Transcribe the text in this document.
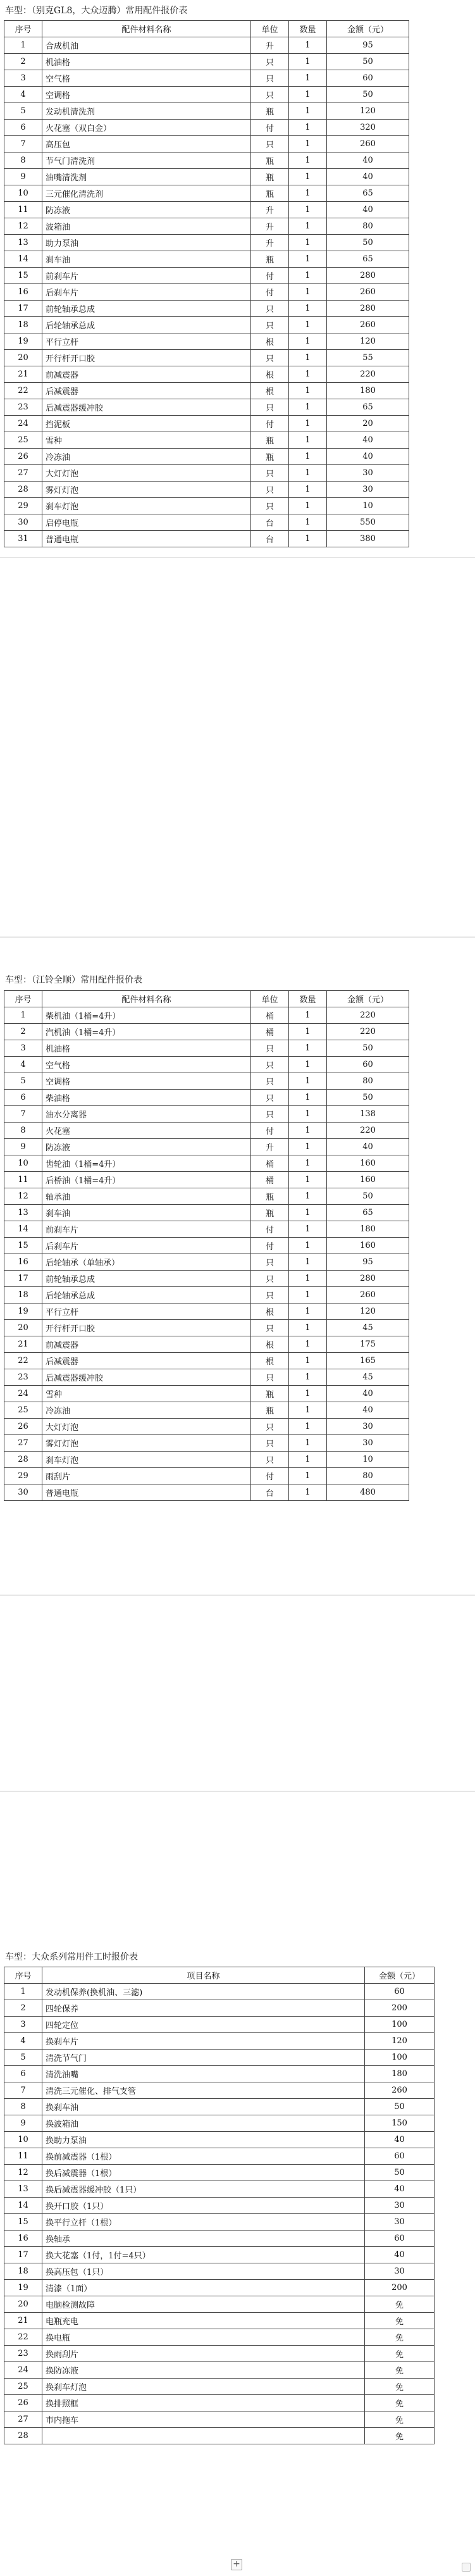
车型：（别克GL8，大众迈腾）常用配件报价表
序号	配件材料名称	单位	数量	金额（元）
1	合成机油	升	1	95
2	机油格	只	1	50
3	空气格	只	1	60
4	空调格	只	1	50
5	发动机清洗剂	瓶	1	120
6	火花塞（双白金）	付	1	320
7	高压包	只	1	260
8	节气门清洗剂	瓶	1	40
9	油嘴清洗剂	瓶	1	40
10	三元催化清洗剂	瓶	1	65
11	防冻液	升	1	40
12	波箱油	升	1	80
13	助力泵油	升	1	50
14	刹车油	瓶	1	65
15	前刹车片	付	1	280
16	后刹车片	付	1	260
17	前轮轴承总成	只	1	280
18	后轮轴承总成	只	1	260
19	平行立杆	根	1	120
20	开行杆开口胶	只	1	55
21	前减震器	根	1	220
22	后减震器	根	1	180
23	后减震器缓冲胶	只	1	65
24	挡泥板	付	1	20
25	雪种	瓶	1	40
26	冷冻油	瓶	1	40
27	大灯灯泡	只	1	30
28	雾灯灯泡	只	1	30
29	刹车灯泡	只	1	10
30	启停电瓶	台	1	550
31	普通电瓶	台	1	380
车型：（江铃全顺）常用配件报价表
序号	配件材料名称	单位	数量	金额（元）
1	柴机油（1桶=4升）	桶	1	220
2	汽机油（1桶=4升）	桶	1	220
3	机油格	只	1	50
4	空气格	只	1	60
5	空调格	只	1	80
6	柴油格	只	1	50
7	油水分离器	只	1	138
8	火花塞	付	1	220
9	防冻液	升	1	40
10	齿轮油（1桶=4升）	桶	1	160
11	后桥油（1桶=4升）	桶	1	160
12	轴承油	瓶	1	50
13	刹车油	瓶	1	65
14	前刹车片	付	1	180
15	后刹车片	付	1	160
16	后轮轴承（单轴承）	只	1	95
17	前轮轴承总成	只	1	280
18	后轮轴承总成	只	1	260
19	平行立杆	根	1	120
20	开行杆开口胶	只	1	45
21	前减震器	根	1	175
22	后减震器	根	1	165
23	后减震器缓冲胶	只	1	45
24	雪种	瓶	1	40
25	冷冻油	瓶	1	40
26	大灯灯泡	只	1	30
27	雾灯灯泡	只	1	30
28	刹车灯泡	只	1	10
29	雨刮片	付	1	80
30	普通电瓶	台	1	480
车型：大众系列常用件工时报价表
序号	项目名称	金额（元）
1	发动机保养(换机油、三滤)	60
2	四轮保养	200
3	四轮定位	100
4	换刹车片	120
5	清洗节气门	100
6	清洗油嘴	180
7	清洗三元催化、排气支管	260
8	换刹车油	50
9	换波箱油	150
10	换助力泵油	40
11	换前减震器（1根）	60
12	换后减震器（1根）	50
13	换后减震器缓冲胶（1只）	40
14	换开口胶（1只）	30
15	换平行立杆（1根）	30
16	换轴承	60
17	换大花塞（1付，1付=4只）	40
18	换高压包（1只）	30
19	清漆（1面）	200
20	电脑检测故障	免
21	电瓶充电	免
22	换电瓶	免
23	换雨刮片	免
24	换防冻液	免
25	换刹车灯泡	免
26	换排照框	免
27	市内拖车	免
28		免
+
